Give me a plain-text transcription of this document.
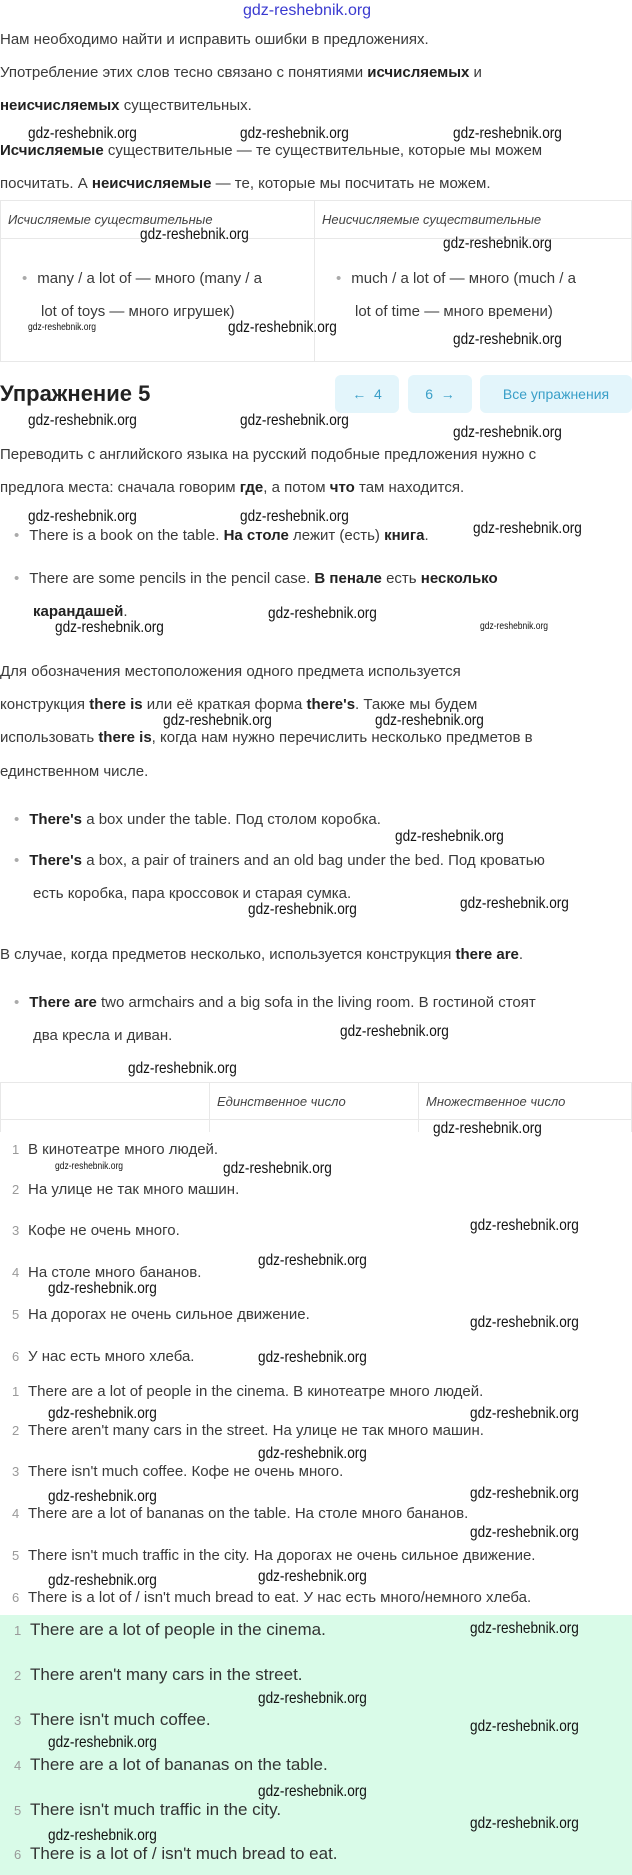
gdz-reshebnik.org
Нам необходимо найти и исправить ошибки в предложениях.
Употребление этих слов тесно связано с понятиями исчисляемых и
неисчисляемых существительных.
Исчисляемые существительные — те существительные, которые мы можем
посчитать. А неисчисляемые — те, которые мы посчитать не можем.
Исчисляемые существительные	Неисчисляемые существительные
• many / a lot of — много (many / a
lot of toys — много игрушек)
• much / a lot of — много (much / a
lot of time — много времени)
Упражнение 5	← 4	6 →	Все упражнения
Переводить с английского языка на русский подобные предложения нужно с
предлога места: сначала говорим где, а потом что там находится.
• There is a book on the table. На столе лежит (есть) книга.
• There are some pencils in the pencil case. В пенале есть несколько
карандашей.
Для обозначения местоположения одного предмета используется
конструкция there is или её краткая форма there's. Также мы будем
использовать there is, когда нам нужно перечислить несколько предметов в
единственном числе.
• There's a box under the table. Под столом коробка.
• There's a box, a pair of trainers and an old bag under the bed. Под кроватью
есть коробка, пара кроссовок и старая сумка.
В случае, когда предметов несколько, используется конструкция there are.
• There are two armchairs and a big sofa in the living room. В гостиной стоят
два кресла и диван.
Единственное число	Множественное число
1 В кинотеатре много людей.
2 На улице не так много машин.
3 Кофе не очень много.
4 На столе много бананов.
5 На дорогах не очень сильное движение.
6 У нас есть много хлеба.
1 There are a lot of people in the cinema. В кинотеатре много людей.
2 There aren't many cars in the street. На улице не так много машин.
3 There isn't much coffee. Кофе не очень много.
4 There are a lot of bananas on the table. На столе много бананов.
5 There isn't much traffic in the city. На дорогах не очень сильное движение.
6 There is a lot of / isn't much bread to eat. У нас есть много/немного хлеба.
1 There are a lot of people in the cinema.
2 There aren't many cars in the street.
3 There isn't much coffee.
4 There are a lot of bananas on the table.
5 There isn't much traffic in the city.
6 There is a lot of / isn't much bread to eat.
gdz-reshebnik.org	gdz-reshebnik.org	gdz-reshebnik.org
gdz-reshebnik.org
gdz-reshebnik.org
gdz-reshebnik.org	gdz-reshebnik.org
gdz-reshebnik.org
gdz-reshebnik.org	gdz-reshebnik.org
gdz-reshebnik.org
gdz-reshebnik.org	gdz-reshebnik.org
gdz-reshebnik.org
gdz-reshebnik.org
gdz-reshebnik.org
gdz-reshebnik.org
gdz-reshebnik.org	gdz-reshebnik.org
gdz-reshebnik.org
gdz-reshebnik.org	gdz-reshebnik.org
gdz-reshebnik.org
gdz-reshebnik.org
gdz-reshebnik.org
gdz-reshebnik.org	gdz-reshebnik.org
gdz-reshebnik.org
gdz-reshebnik.org
gdz-reshebnik.org
gdz-reshebnik.org
gdz-reshebnik.org
gdz-reshebnik.org	gdz-reshebnik.org
gdz-reshebnik.org
gdz-reshebnik.org
gdz-reshebnik.org
gdz-reshebnik.org
gdz-reshebnik.org
gdz-reshebnik.org
gdz-reshebnik.org
gdz-reshebnik.org
gdz-reshebnik.org
gdz-reshebnik.org
gdz-reshebnik.org
gdz-reshebnik.org
gdz-reshebnik.org
